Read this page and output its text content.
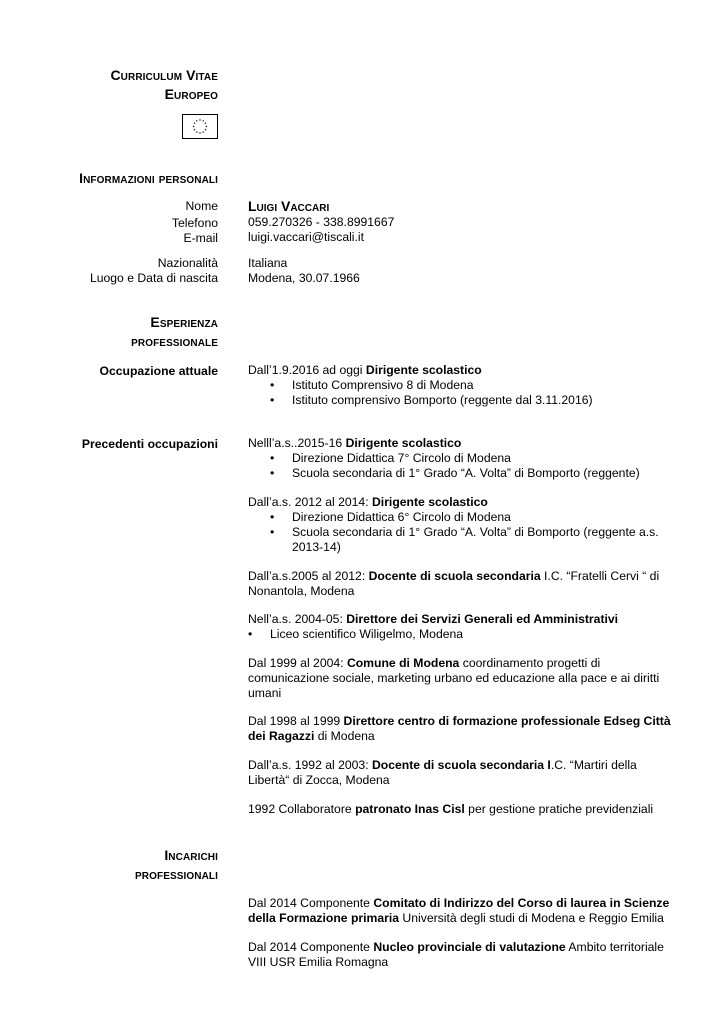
Curriculum Vitae
Europeo
Informazioni personali
Nome Luigi Vaccari
Telefono 059.270326 - 338.8991667
E-mail luigi.vaccari@tiscali.it
Nazionalità Italiana
Luogo e Data di nascita Modena, 30.07.1966
Esperienza
professionale
Occupazione attuale Dall’1.9.2016 ad oggi Dirigente scolastico
• Istituto Comprensivo 8 di Modena
• Istituto comprensivo Bomporto (reggente dal 3.11.2016)
Precedenti occupazioni Nelll’a.s..2015-16 Dirigente scolastico
• Direzione Didattica 7° Circolo di Modena
• Scuola secondaria di 1° Grado “A. Volta” di Bomporto (reggente)
Dall’a.s. 2012 al 2014: Dirigente scolastico
• Direzione Didattica 6° Circolo di Modena
• Scuola secondaria di 1° Grado “A. Volta” di Bomporto (reggente a.s.
2013-14)
Dall’a.s.2005 al 2012: Docente di scuola secondaria I.C. “Fratelli Cervi “ di
Nonantola, Modena
Nell’a.s. 2004-05: Direttore dei Servizi Generali ed Amministrativi
• Liceo scientifico Wiligelmo, Modena
Dal 1999 al 2004: Comune di Modena coordinamento progetti di
comunicazione sociale, marketing urbano ed educazione alla pace e ai diritti
umani
Dal 1998 al 1999 Direttore centro di formazione professionale Edseg Città
dei Ragazzi di Modena
Dall’a.s. 1992 al 2003: Docente di scuola secondaria I.C. “Martiri della
Libertà“ di Zocca, Modena
1992 Collaboratore patronato Inas Cisl per gestione pratiche previdenziali
Incarichi
professionali
Dal 2014 Componente Comitato di Indirizzo del Corso di laurea in Scienze
della Formazione primaria Università degli studi di Modena e Reggio Emilia
Dal 2014 Componente Nucleo provinciale di valutazione Ambito territoriale
VIII USR Emilia Romagna
